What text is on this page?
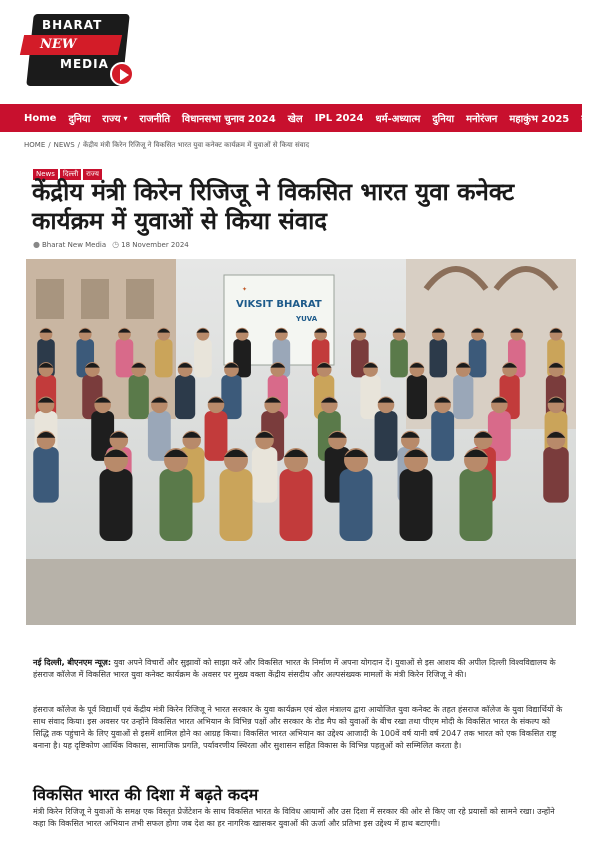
BHARAT
NEW
MEDIA
Home दुनिया राज्य ▾ राजनीति विधानसभा चुनाव 2024 खेल IPL 2024 धर्म-अध्यात्म दुनिया मनोरंजन महाकुंभ 2025 व्या
HOME / NEWS / केंद्रीय मंत्री किरेन रिजिजू ने विकसित भारत युवा कनेक्ट कार्यक्रम में युवाओं से किया संवाद
News	दिल्ली	राज्य
केंद्रीय मंत्री किरेन रिजिजू ने विकसित भारत युवा कनेक्ट कार्यक्रम में युवाओं से किया संवाद
● Bharat New Media ◷ 18 November 2024
✦
VIKSIT BHARAT
YUVA

नई दिल्ली, बीएनएम न्यूज़: युवा अपने विचारों और सुझावों को साझा करें और विकसित भारत के निर्माण में अपना योगदान दें। युवाओं से इस आशय की अपील दिल्ली विश्वविद्यालय के हंसराज कॉलेज में विकसित भारत युवा कनेक्ट कार्यक्रम के अवसर पर मुख्य वक्ता केंद्रीय संसदीय और अल्पसंख्यक मामलों के मंत्री किरेन रिजिजू ने की।

हंसराज कॉलेज के पूर्व विद्यार्थी एवं केंद्रीय मंत्री किरेन रिजिजू ने भारत सरकार के युवा कार्यक्रम एवं खेल मंत्रालय द्वारा आयोजित युवा कनेक्ट के तहत हंसराज कॉलेज के युवा विद्यार्थियों के साथ संवाद किया। इस अवसर पर उन्होंने विकसित भारत अभियान के विभिन्न पक्षों और सरकार के रोड मैप को युवाओं के बीच रखा तथा पीएम मोदी के विकसित भारत के संकल्प को सिद्धि तक पहुंचाने के लिए युवाओं से इसमें शामिल होने का आग्रह किया। विकसित भारत अभियान का उद्देश्य आजादी के 100वें वर्ष यानी वर्ष 2047 तक भारत को एक विकसित राष्ट्र बनाना है। यह दृष्टिकोण आर्थिक विकास, सामाजिक प्रगति, पर्यावरणीय स्थिरता और सुशासन सहित विकास के विभिन्न पहलुओं को सम्मिलित करता है।

विकसित भारत की दिशा में बढ़ते कदम

मंत्री किरेन रिजिजू ने युवाओं के समक्ष एक विस्तृत प्रेजेंटेशन के साथ विकसित भारत के विविध आयामों और उस दिशा में सरकार की ओर से किए जा रहे प्रयासों को सामने रखा। उन्होंने कहा कि विकसित भारत अभियान तभी सफल होगा जब देश का हर नागरिक खासकर युवाओं की ऊर्जा और प्रतिभा इस उद्देश्य में हाथ बटाएगी।
